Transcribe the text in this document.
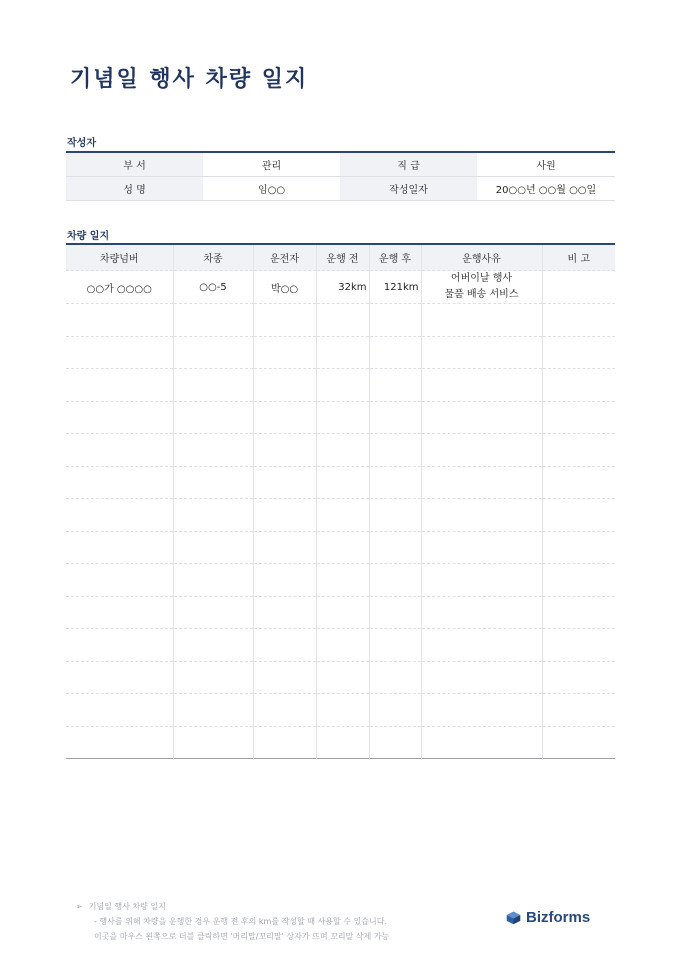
기념일 행사 차량 일지
작성자
부 서	관리	직 급	사원
성 명	임○○	작성일자	20○○년 ○○월 ○○일
차량 일지
차량넘버	차종	운전자	운행 전	운행 후	운행사유	비 고
○○가 ○○○○	○○-5	박○○	32km	121km	어버이날 행사
물품 배송 서비스	

➢ 기념일 행사 차량 일지
- 행사를 위해 차량을 운행한 경우 운행 전 후의 km를 작성할 때 사용할 수 있습니다.
이곳을 마우스 왼쪽으로 더블 클릭하면 '머리말/꼬리말' 상자가 뜨며 꼬리말 삭제 가능
Bizforms
